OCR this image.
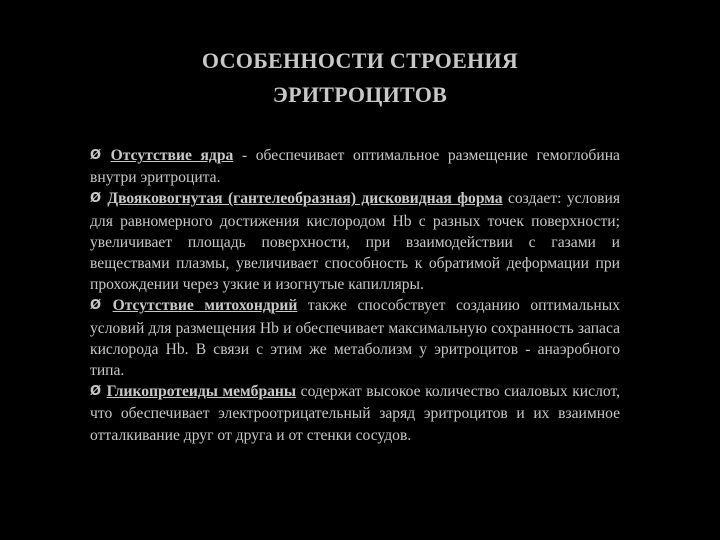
ОСОБЕННОСТИ СТРОЕНИЯ
ЭРИТРОЦИТОВ

Ø Отсутствие ядра - обеспечивает оптимальное размещение гемоглобина внутри эритроцита.

Ø Двояковогнутая (гантелеобразная) дисковидная форма создает: условия для равномерного достижения кислородом Hb с разных точек поверхности; увеличивает площадь поверхности, при взаимодействии с газами и веществами плазмы, увеличивает способность к обратимой деформации при прохождении через узкие и изогнутые капилляры.

Ø Отсутствие митохондрий также способствует созданию оптимальных условий для размещения Hb и обеспечивает максимальную сохранность запаса кислорода Hb. В связи с этим же метаболизм у эритроцитов - анаэробного типа.

Ø Гликопротеиды мембраны содержат высокое количество сиаловых кислот, что обеспечивает электроотрицательный заряд эритроцитов и их взаимное отталкивание друг от друга и от стенки сосудов.
